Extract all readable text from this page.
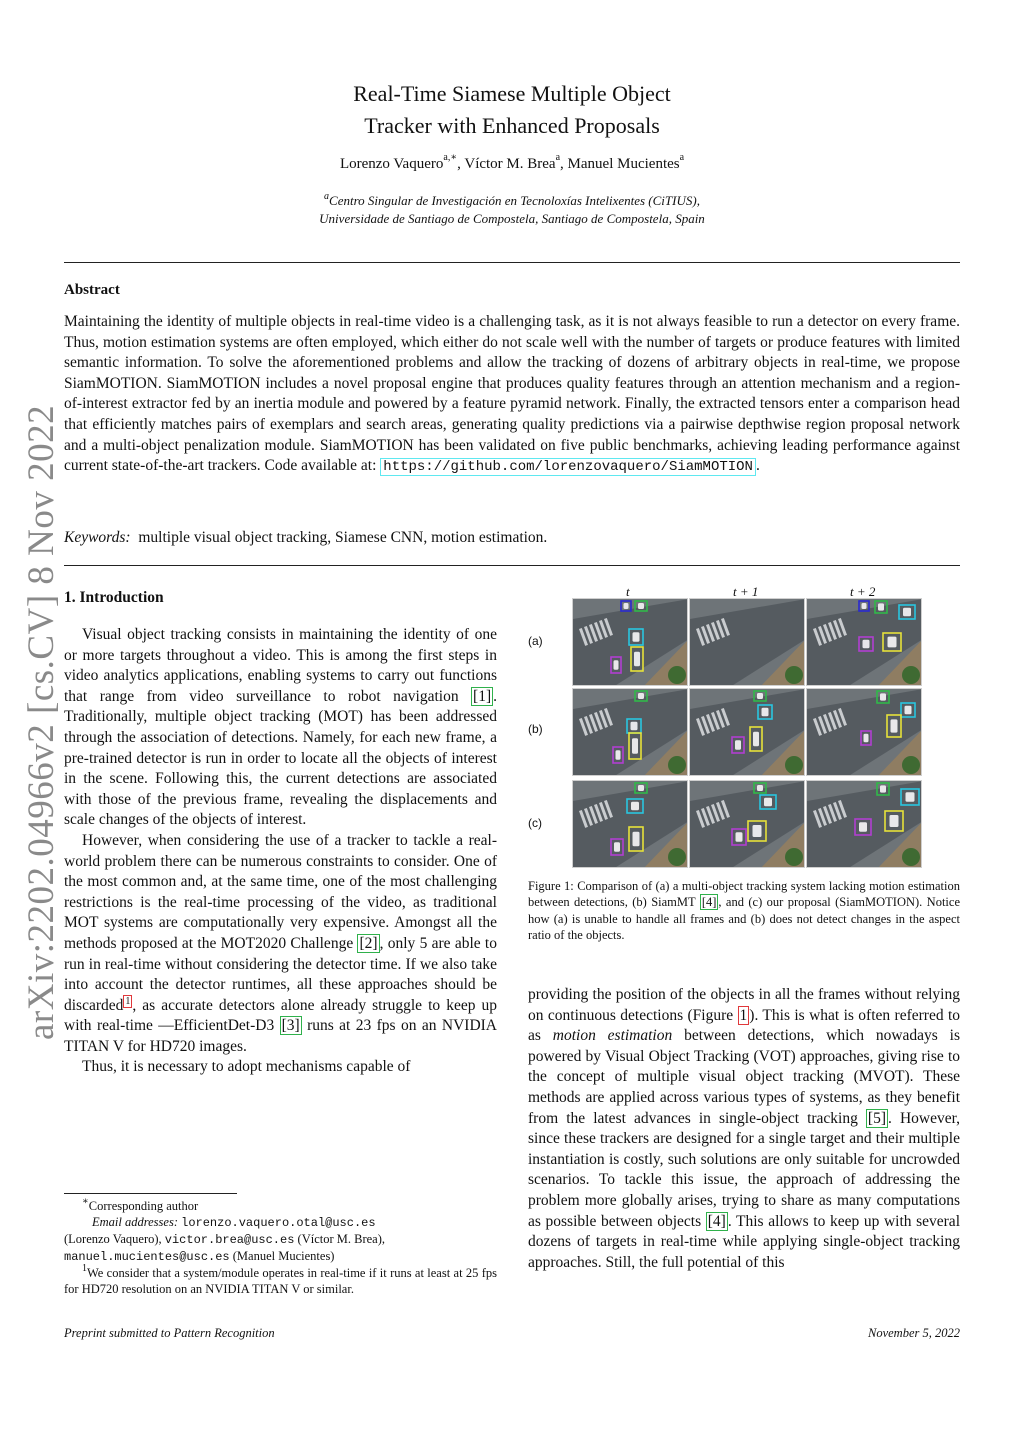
arXiv:2202.04966v2 [cs.CV] 8 Nov 2022
Real-Time Siamese Multiple Object
Tracker with Enhanced Proposals
Lorenzo Vaquero$^{a,∗}$, Víctor M. Brea$^a$, Manuel Mucientes$^a$
$^a$Centro Singular de Investigación en Tecnoloxías Intelixentes (CiTIUS),
Universidade de Santiago de Compostela, Santiago de Compostela, Spain
Abstract
Maintaining the identity of multiple objects in real-time video is a challenging task, as it is not always feasible to run a detector on every frame. Thus, motion estimation systems are often employed, which either do not scale well with the number of targets or produce features with limited semantic information. To solve the aforementioned problems and allow the tracking of dozens of arbitrary objects in real-time, we propose SiamMOTION. SiamMOTION includes a novel proposal engine that produces quality features through an attention mechanism and a region-of-interest extractor fed by an inertia module and powered by a feature pyramid network. Finally, the extracted tensors enter a comparison head that efficiently matches pairs of exemplars and search areas, generating quality predictions via a pairwise depthwise region proposal network and a multi-object penalization module. SiamMOTION has been validated on five public benchmarks, achieving leading performance against current state-of-the-art trackers. Code available at: https://github.com/lorenzovaquero/SiamMOTION .
Keywords: multiple visual object tracking, Siamese CNN, motion estimation.
1. Introduction

Visual object tracking consists in maintaining the identity of one or more targets throughout a video. This is among the first steps in video analytics applications, enabling systems to carry out functions that range from video surveillance to robot navigation [1] . Traditionally, multiple object tracking (MOT) has been addressed through the association of detections. Namely, for each new frame, a pre-trained detector is run in order to locate all the objects of interest in the scene. Following this, the current detections are associated with those of the previous frame, revealing the displacements and scale changes of the objects of interest.

However, when considering the use of a tracker to tackle a real-world problem there can be numerous constraints to consider. One of the most common and, at the same time, one of the most challenging restrictions is the real-time processing of the video, as traditional MOT systems are computationally very expensive. Amongst all the methods proposed at the MOT2020 Challenge [2] , only 5 are able to run in real-time without considering the detector time. If we also take into account the detector runtimes, all these approaches should be discarded $^1$ , as accurate detectors alone already struggle to keep up with real-time —EfficientDet-D3 [3] runs at 23 fps on an NVIDIA TITAN V for HD720 images.

Thus, it is necessary to adopt mechanisms capable of

∗Corresponding author
Email addresses: lorenzo.vaquero.otal@usc.es
(Lorenzo Vaquero), victor.brea@usc.es (Víctor M. Brea),
manuel.mucientes@usc.es (Manuel Mucientes)
$^1$We consider that a system/module operates in real-time if it runs at least at 25 fps for HD720 resolution on an NVIDIA TITAN V or similar.
t	t + 1	t + 2
(a)
(b)
(c)
Figure 1: Comparison of (a) a multi-object tracking system lacking motion estimation between detections, (b) SiamMT [4] , and (c) our proposal (SiamMOTION). Notice how (a) is unable to handle all frames and (b) does not detect changes in the aspect ratio of the objects.
providing the position of the objects in all the frames without relying on continuous detections (Figure 1 ). This is what is often referred to as motion estimation between detections, which nowadays is powered by Visual Object Tracking (VOT) approaches, giving rise to the concept of multiple visual object tracking (MVOT). These methods are applied across various types of systems, as they benefit from the latest advances in single-object tracking [5] . However, since these trackers are designed for a single target and their multiple instantiation is costly, such solutions are only suitable for uncrowded scenarios. To tackle this issue, the approach of addressing the problem more globally arises, trying to share as many computations as possible between objects [4] . This allows to keep up with several dozens of targets in real-time while applying single-object tracking approaches. Still, the full potential of this
Preprint submitted to Pattern Recognition	November 5, 2022
